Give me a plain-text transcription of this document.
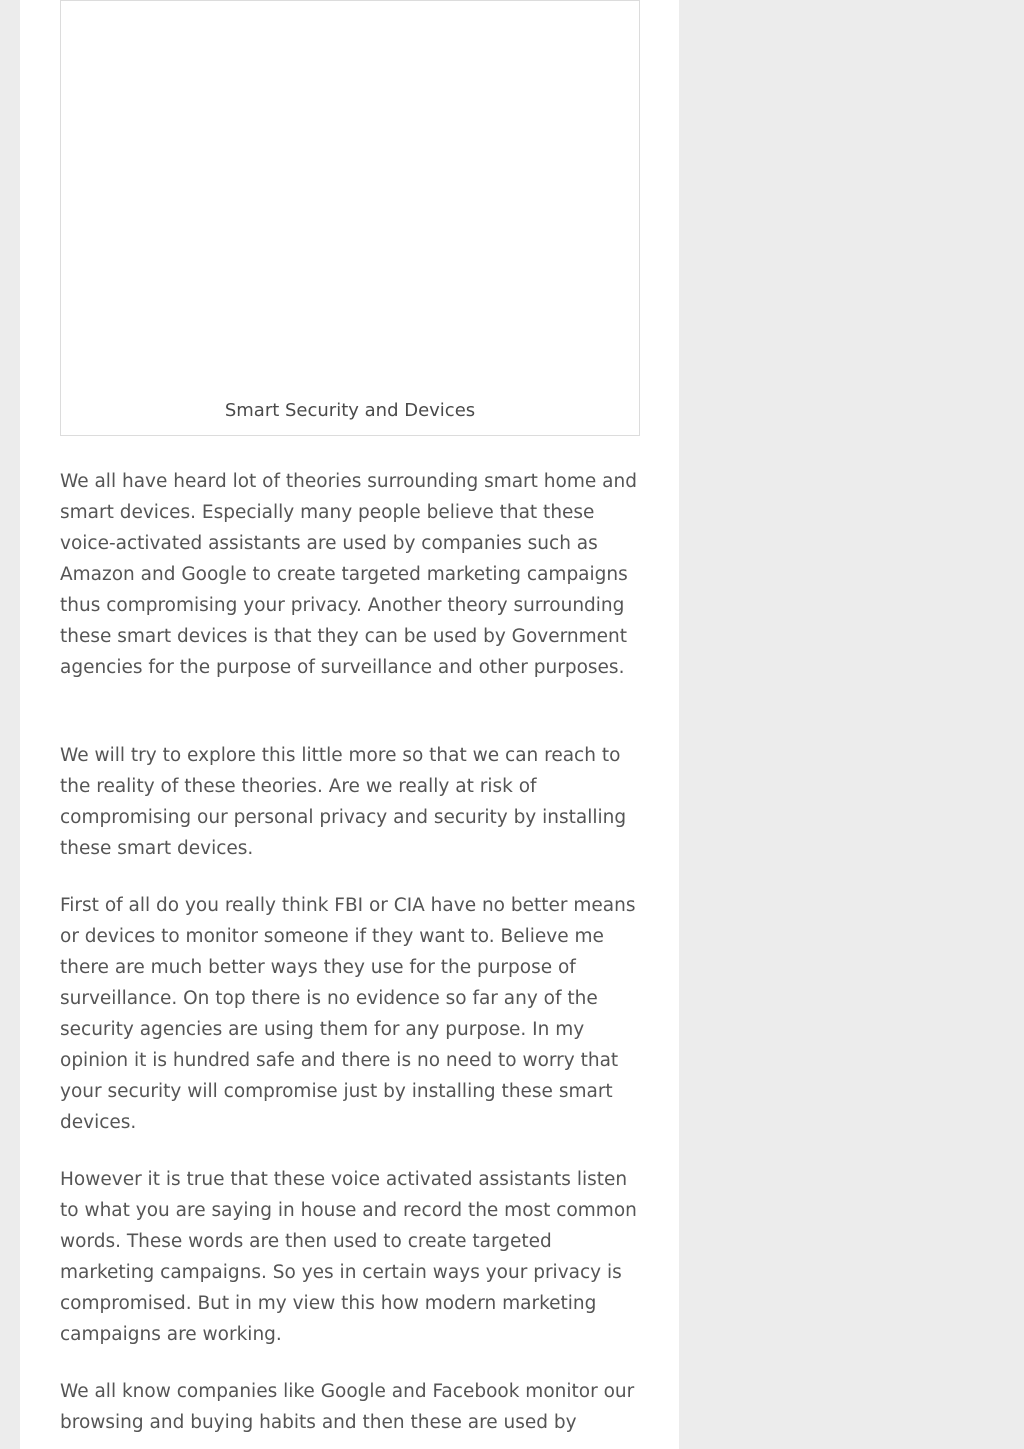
Smart Security and Devices

We all have heard lot of theories surrounding smart home and smart devices. Especially many people believe that these voice-activated assistants are used by companies such as Amazon and Google to create targeted marketing campaigns thus compromising your privacy. Another theory surrounding these smart devices is that they can be used by Government agencies for the purpose of surveillance and other purposes.

We will try to explore this little more so that we can reach to the reality of these theories. Are we really at risk of compromising our personal privacy and security by installing these smart devices.

First of all do you really think FBI or CIA have no better means or devices to monitor someone if they want to. Believe me there are much better ways they use for the purpose of surveillance. On top there is no evidence so far any of the security agencies are using them for any purpose. In my opinion it is hundred safe and there is no need to worry that your security will compromise just by installing these smart devices.

However it is true that these voice activated assistants listen to what you are saying in house and record the most common words. These words are then used to create targeted marketing campaigns. So yes in certain ways your privacy is compromised. But in my view this how modern marketing campaigns are working.

We all know companies like Google and Facebook monitor our browsing and buying habits and then these are used by
